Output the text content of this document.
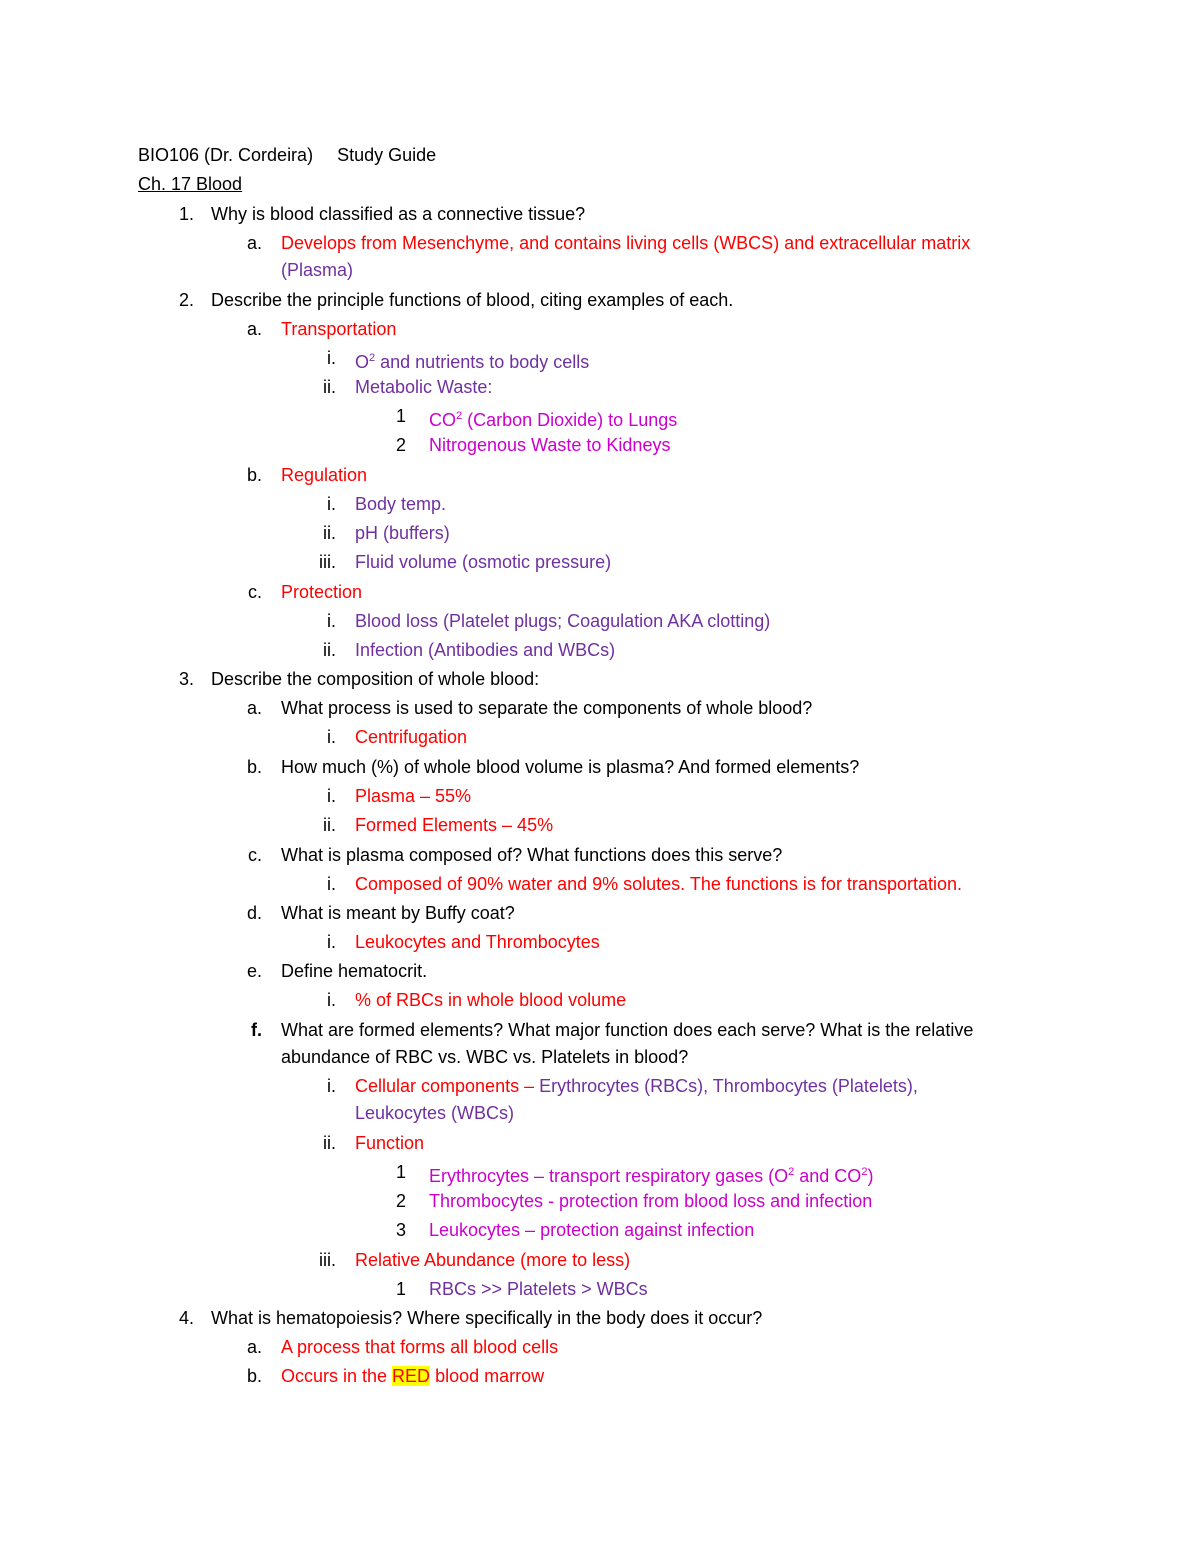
BIO106 (Dr. Cordeira) Study Guide
Ch. 17 Blood
1. Why is blood classified as a connective tissue?
a. Develops from Mesenchyme, and contains living cells (WBCS) and extracellular matrix
(Plasma)
2. Describe the principle functions of blood, citing examples of each.
a. Transportation
i. $O^2$ and nutrients to body cells
ii. Metabolic Waste:
1 $CO^2$ (Carbon Dioxide) to Lungs
2 Nitrogenous Waste to Kidneys
b. Regulation
i. Body temp.
ii. pH (buffers)
iii. Fluid volume (osmotic pressure)
c. Protection
i. Blood loss (Platelet plugs; Coagulation AKA clotting)
ii. Infection (Antibodies and WBCs)
3. Describe the composition of whole blood:
a. What process is used to separate the components of whole blood?
i. Centrifugation
b. How much (%) of whole blood volume is plasma? And formed elements?
i. Plasma – 55%
ii. Formed Elements – 45%
c. What is plasma composed of? What functions does this serve?
i. Composed of 90% water and 9% solutes. The functions is for transportation.
d. What is meant by Buffy coat?
i. Leukocytes and Thrombocytes
e. Define hematocrit.
i. % of RBCs in whole blood volume
f. What are formed elements? What major function does each serve? What is the relative
abundance of RBC vs. WBC vs. Platelets in blood?
i. Cellular components – Erythrocytes (RBCs), Thrombocytes (Platelets),
Leukocytes (WBCs)
ii. Function
1 Erythrocytes – transport respiratory gases ($O^2$ and $CO^2$)
2 Thrombocytes - protection from blood loss and infection
3 Leukocytes – protection against infection
iii. Relative Abundance (more to less)
1 RBCs >> Platelets > WBCs
4. What is hematopoiesis? Where specifically in the body does it occur?
a. A process that forms all blood cells
b. Occurs in the RED blood marrow
